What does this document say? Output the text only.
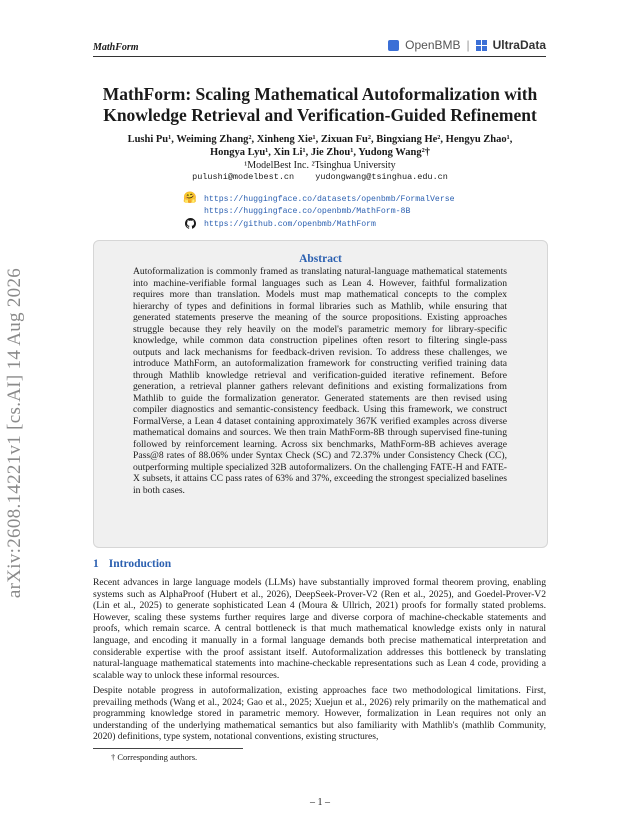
MathForm	OpenBMB | UltraData
arXiv:2608.14221v1 [cs.AI] 14 Aug 2026
MathForm: Scaling Mathematical Autoformalization with
Knowledge Retrieval and Verification-Guided Refinement
Lushi Pu¹, Weiming Zhang², Xinheng Xie¹, Zixuan Fu², Bingxiang He², Hengyu Zhao¹,
Hongya Lyu¹, Xin Li¹, Jie Zhou¹, Yudong Wang²†
¹ModelBest Inc. ²Tsinghua University
pulushi@modelbest.cn yudongwang@tsinghua.edu.cn
🤗 https://huggingface.co/datasets/openbmb/FormalVerse
https://huggingface.co/openbmb/MathForm-8B
https://github.com/openbmb/MathForm
Abstract
Autoformalization is commonly framed as translating natural-language mathematical statements into machine-verifiable formal languages such as Lean 4. However, faithful formalization requires more than translation. Models must map mathematical concepts to the complex hierarchy of types and definitions in formal libraries such as Mathlib, while ensuring that generated statements preserve the meaning of the source propositions. Existing approaches struggle because they rely heavily on the model's parametric memory for library-specific knowledge, while common data construction pipelines often resort to filtering single-pass outputs and lack mechanisms for feedback-driven revision. To address these challenges, we introduce MathForm, an autoformalization framework for constructing verified training data through Mathlib knowledge retrieval and verification-guided iterative refinement. Before generation, a retrieval planner gathers relevant definitions and existing formalizations from Mathlib to guide the formalization generator. Generated statements are then revised using compiler diagnostics and semantic-consistency feedback. Using this framework, we construct FormalVerse, a Lean 4 dataset containing approximately 367K verified examples across diverse mathematical domains and sources. We then train MathForm-8B through supervised fine-tuning followed by reinforcement learning. Across six benchmarks, MathForm-8B achieves average Pass@8 rates of 88.06% under Syntax Check (SC) and 72.37% under Consistency Check (CC), outperforming multiple specialized 32B autoformalizers. On the challenging FATE-H and FATE-X subsets, it attains CC pass rates of 63% and 37%, exceeding the strongest specialized baselines in both cases.
1 Introduction
Recent advances in large language models (LLMs) have substantially improved formal theorem proving, enabling systems such as AlphaProof (Hubert et al., 2026), DeepSeek-Prover-V2 (Ren et al., 2025), and Goedel-Prover-V2 (Lin et al., 2025) to generate sophisticated Lean 4 (Moura & Ullrich, 2021) proofs for formally stated problems. However, scaling these systems further requires large and diverse corpora of machine-checkable statements and proofs, which remain scarce. A central bottleneck is that much mathematical knowledge exists only in natural language, and encoding it manually in a formal language demands both precise mathematical interpretation and considerable expertise with the proof assistant itself. Autoformalization addresses this bottleneck by translating natural-language mathematical statements into machine-checkable representations such as Lean 4 code, providing a scalable way to unlock these informal resources.
Despite notable progress in autoformalization, existing approaches face two methodological limitations. First, prevailing methods (Wang et al., 2024; Gao et al., 2025; Xuejun et al., 2026) rely primarily on the mathematical and programming knowledge stored in parametric memory. However, formalization in Lean requires not only an understanding of the underlying mathematical semantics but also familiarity with Mathlib's (mathlib Community, 2020) definitions, type system, notational conventions, existing structures,
† Corresponding authors.
– 1 –
